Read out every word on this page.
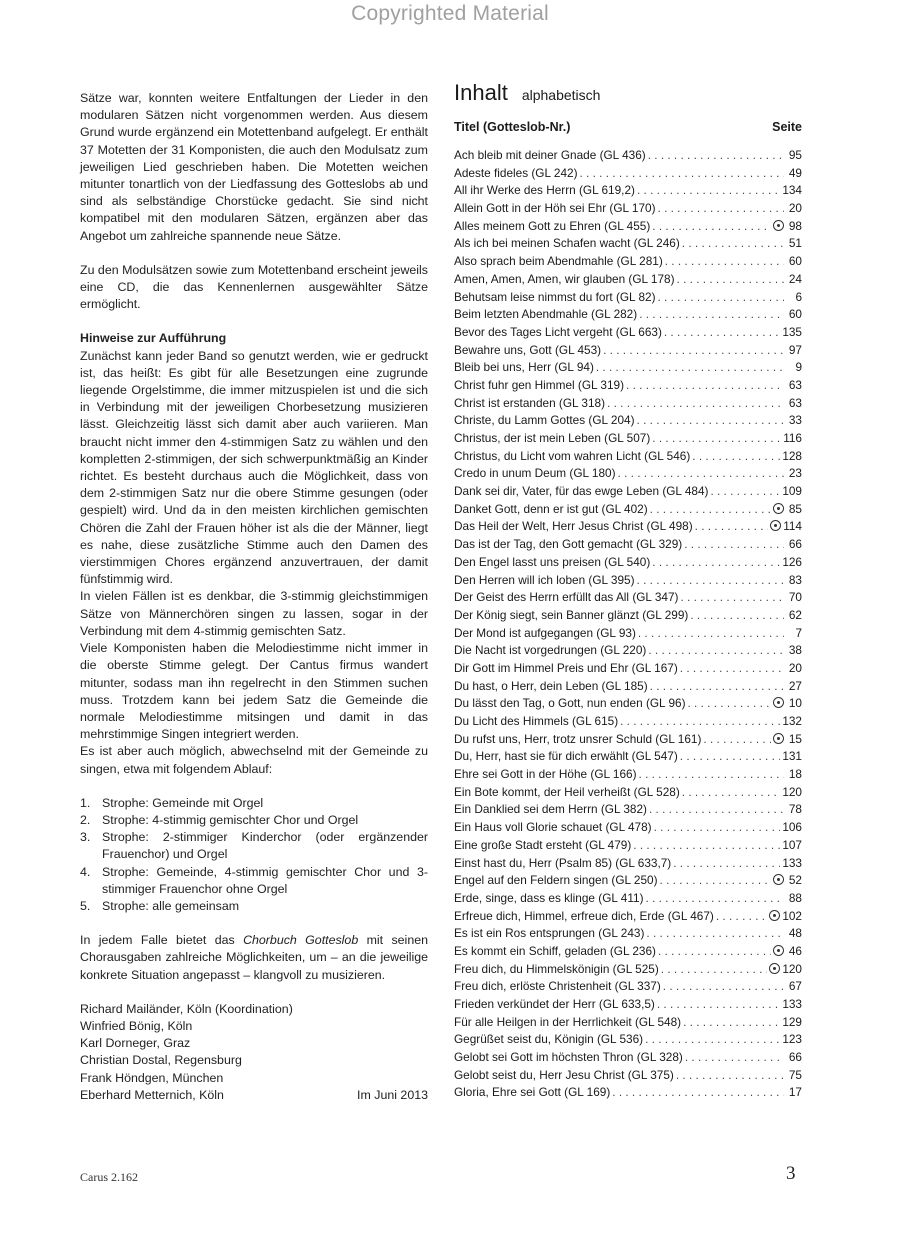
Copyrighted Material

Sätze war, konnten weitere Entfaltungen der Lieder in den modularen Sätzen nicht vorgenommen werden. Aus diesem Grund wurde ergänzend ein Motettenband aufgelegt. Er enthält 37 Motetten der 31 Komponisten, die auch den Modulsatz zum jeweiligen Lied geschrieben haben. Die Motetten weichen mitunter tonartlich von der Liedfassung des Gotteslobs ab und sind als selbständige Chorstücke gedacht. Sie sind nicht kompatibel mit den modularen Sätzen, ergänzen aber das Angebot um zahlreiche spannende neue Sätze.

Zu den Modulsätzen sowie zum Motettenband erscheint jeweils eine CD, die das Kennenlernen ausgewählter Sätze ermöglicht.

Hinweise zur Aufführung

Zunächst kann jeder Band so genutzt werden, wie er gedruckt ist, das heißt: Es gibt für alle Besetzungen eine zugrunde liegende Orgelstimme, die immer mitzuspielen ist und die sich in Verbindung mit der jeweiligen Chorbesetzung musizieren lässt. Gleichzeitig lässt sich damit aber auch variieren. Man braucht nicht immer den 4-stimmigen Satz zu wählen und den kompletten 2-stimmigen, der sich schwerpunktmäßig an Kinder richtet. Es besteht durchaus auch die Möglichkeit, dass von dem 2-stimmigen Satz nur die obere Stimme gesungen (oder gespielt) wird. Und da in den meisten kirchlichen gemischten Chören die Zahl der Frauen höher ist als die der Männer, liegt es nahe, diese zusätzliche Stimme auch den Damen des vierstimmigen Chores ergänzend anzuvertrauen, der damit fünfstimmig wird.

In vielen Fällen ist es denkbar, die 3-stimmig gleichstimmigen Sätze von Männerchören singen zu lassen, sogar in der Verbindung mit dem 4-stimmig gemischten Satz.

Viele Komponisten haben die Melodiestimme nicht immer in die oberste Stimme gelegt. Der Cantus firmus wandert mitunter, sodass man ihn regelrecht in den Stimmen suchen muss. Trotzdem kann bei jedem Satz die Gemeinde die normale Melodiestimme mitsingen und damit in das mehrstimmige Singen integriert werden.

Es ist aber auch möglich, abwechselnd mit der Gemeinde zu singen, etwa mit folgendem Ablauf:

1. Strophe: Gemeinde mit Orgel
2. Strophe: 4-stimmig gemischter Chor und Orgel
3. Strophe: 2-stimmiger Kinderchor (oder ergänzender Frauenchor) und Orgel
4. Strophe: Gemeinde, 4-stimmig gemischter Chor und 3-stimmiger Frauenchor ohne Orgel
5. Strophe: alle gemeinsam

In jedem Falle bietet das Chorbuch Gotteslob mit seinen Chorausgaben zahlreiche Möglichkeiten, um – an die jeweilige konkrete Situation angepasst – klangvoll zu musizieren.

Richard Mailänder, Köln (Koordination)
Winfried Bönig, Köln
Karl Dorneger, Graz
Christian Dostal, Regensburg
Frank Höndgen, München
Eberhard Metternich, Köln	Im Juni 2013
Inhalt alphabetisch
Titel (Gotteslob-Nr.)	Seite
Ach bleib mit deiner Gnade (GL 436) . . .	95
Adeste fideles (GL 242) . . .	49
All ihr Werke des Herrn (GL 619,2) . . .	134
Allein Gott in der Höh sei Ehr (GL 170) . . .	20
Alles meinem Gott zu Ehren (GL 455) . . .	98
Als ich bei meinen Schafen wacht (GL 246) . . .	51
Also sprach beim Abendmahle (GL 281) . . .	60
Amen, Amen, Amen, wir glauben (GL 178) . . .	24
Behutsam leise nimmst du fort (GL 82) . . .	6
Beim letzten Abendmahle (GL 282) . . .	60
Bevor des Tages Licht vergeht (GL 663) . . .	135
Bewahre uns, Gott (GL 453) . . .	97
Bleib bei uns, Herr (GL 94) . . .	9
Christ fuhr gen Himmel (GL 319) . . .	63
Christ ist erstanden (GL 318) . . .	63
Christe, du Lamm Gottes (GL 204) . . .	33
Christus, der ist mein Leben (GL 507) . . .	116
Christus, du Licht vom wahren Licht (GL 546) . . .	128
Credo in unum Deum (GL 180) . . .	23
Dank sei dir, Vater, für das ewge Leben (GL 484) . . .	109
Danket Gott, denn er ist gut (GL 402) . . .	85
Das Heil der Welt, Herr Jesus Christ (GL 498) . . .	114
Das ist der Tag, den Gott gemacht (GL 329) . . .	66
Den Engel lasst uns preisen (GL 540) . . .	126
Den Herren will ich loben (GL 395) . . .	83
Der Geist des Herrn erfüllt das All (GL 347) . . .	70
Der König siegt, sein Banner glänzt (GL 299) . . .	62
Der Mond ist aufgegangen (GL 93) . . .	7
Die Nacht ist vorgedrungen (GL 220) . . .	38
Dir Gott im Himmel Preis und Ehr (GL 167) . . .	20
Du hast, o Herr, dein Leben (GL 185) . . .	27
Du lässt den Tag, o Gott, nun enden (GL 96) . . .	10
Du Licht des Himmels (GL 615) . . .	132
Du rufst uns, Herr, trotz unsrer Schuld (GL 161) . . .	15
Du, Herr, hast sie für dich erwählt (GL 547) . . .	131
Ehre sei Gott in der Höhe (GL 166) . . .	18
Ein Bote kommt, der Heil verheißt (GL 528) . . .	120
Ein Danklied sei dem Herrn (GL 382) . . .	78
Ein Haus voll Glorie schauet (GL 478) . . .	106
Eine große Stadt ersteht (GL 479) . . .	107
Einst hast du, Herr (Psalm 85) (GL 633,7) . . .	133
Engel auf den Feldern singen (GL 250) . . .	52
Erde, singe, dass es klinge (GL 411) . . .	88
Erfreue dich, Himmel, erfreue dich, Erde (GL 467) . . .	102
Es ist ein Ros entsprungen (GL 243) . . .	48
Es kommt ein Schiff, geladen (GL 236) . . .	46
Freu dich, du Himmelskönigin (GL 525) . . .	120
Freu dich, erlöste Christenheit (GL 337) . . .	67
Frieden verkündet der Herr (GL 633,5) . . .	133
Für alle Heilgen in der Herrlichkeit (GL 548) . . .	129
Gegrüßet seist du, Königin (GL 536) . . .	123
Gelobt sei Gott im höchsten Thron (GL 328) . . .	66
Gelobt seist du, Herr Jesu Christ (GL 375) . . .	75
Gloria, Ehre sei Gott (GL 169) . . .	17
Carus 2.162	3
